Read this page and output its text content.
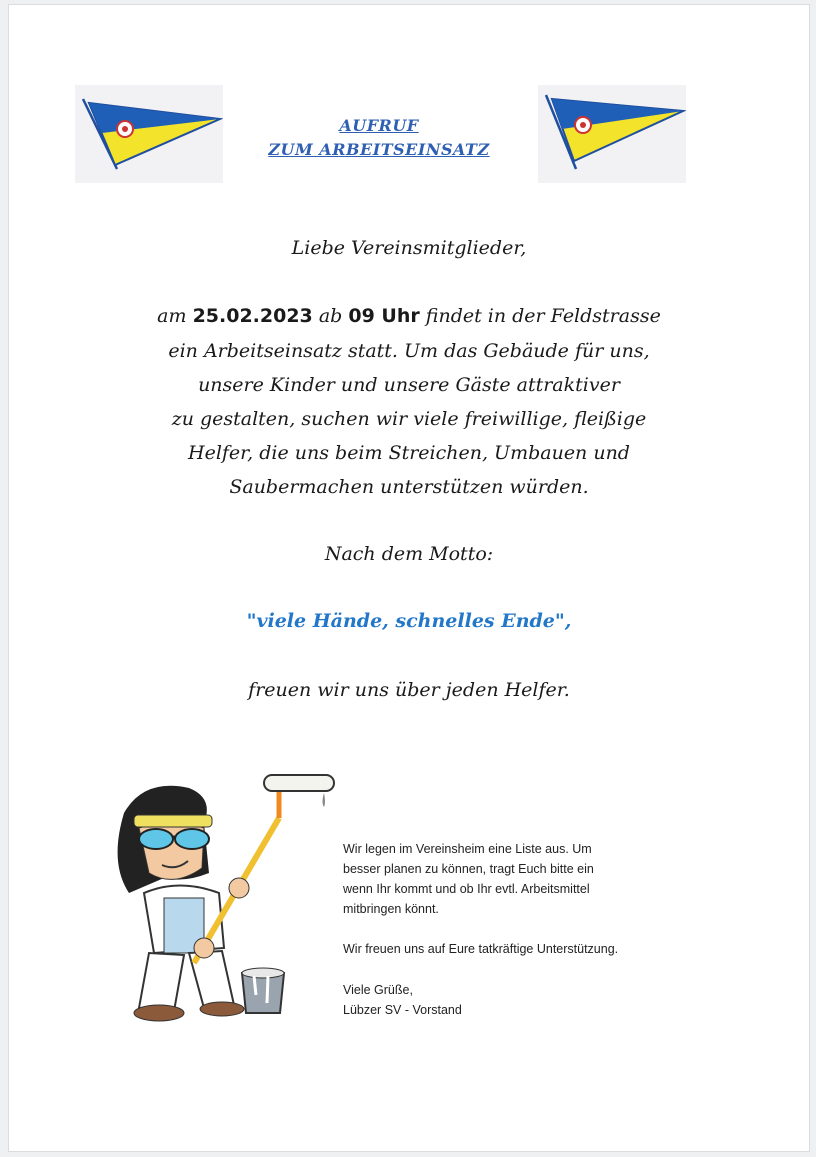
AUFRUF
ZUM ARBEITSEINSATZ
Liebe Vereinsmitglieder,
am 25.02.2023 ab 09 Uhr findet in der Feldstrasse
ein Arbeitseinsatz statt. Um das Gebäude für uns,
unsere Kinder und unsere Gäste attraktiver
zu gestalten, suchen wir viele freiwillige, fleißige
Helfer, die uns beim Streichen, Umbauen und
Saubermachen unterstützen würden.
Nach dem Motto:
"viele Hände, schnelles Ende",
freuen wir uns über jeden Helfer.
Wir legen im Vereinsheim eine Liste aus. Um
besser planen zu können, tragt Euch bitte ein
wenn Ihr kommt und ob Ihr evtl. Arbeitsmittel
mitbringen könnt.
Wir freuen uns auf Eure tatkräftige Unterstützung.
Viele Grüße,
Lübzer SV - Vorstand
